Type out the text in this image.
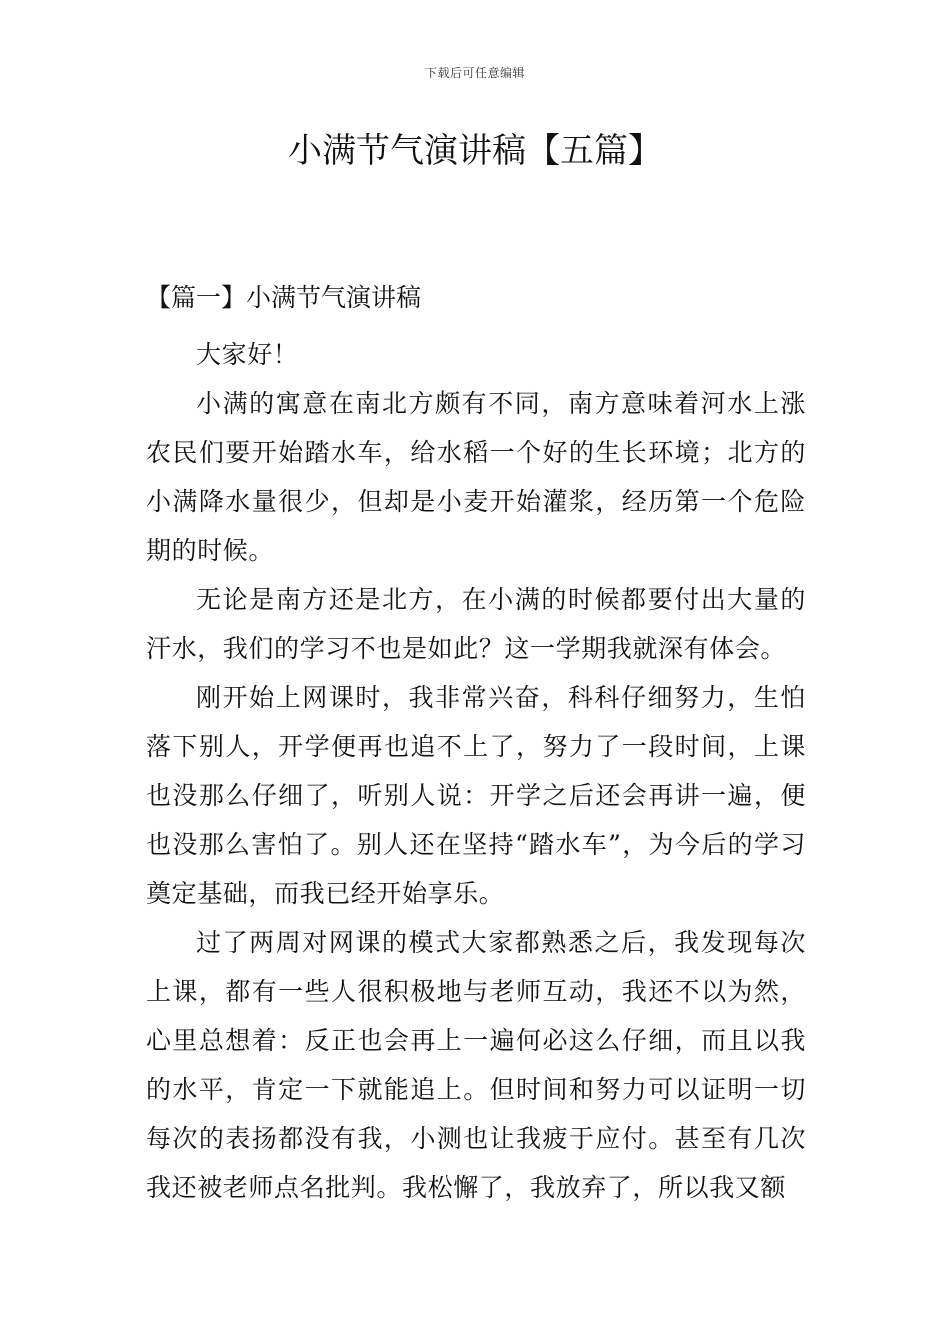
下载后可任意编辑
小满节气演讲稿【五篇】
【篇一】小满节气演讲稿

大家好！

小满的寓意在南北方颇有不同，南方意味着河水上涨农民们要开始踏水车，给水稻一个好的生长环境；北方的小满降水量很少，但却是小麦开始灌浆，经历第一个危险期的时候。

无论是南方还是北方，在小满的时候都要付出大量的汗水，我们的学习不也是如此？这一学期我就深有体会。

刚开始上网课时，我非常兴奋，科科仔细努力，生怕落下别人，开学便再也追不上了，努力了一段时间，上课也没那么仔细了，听别人说：开学之后还会再讲一遍，便也没那么害怕了。别人还在坚持“踏水车”，为今后的学习奠定基础，而我已经开始享乐。

过了两周对网课的模式大家都熟悉之后，我发现每次上课，都有一些人很积极地与老师互动，我还不以为然，心里总想着：反正也会再上一遍何必这么仔细，而且以我的水平，肯定一下就能追上。但时间和努力可以证明一切每次的表扬都没有我，小测也让我疲于应付。甚至有几次我还被老师点名批判。我松懈了，我放弃了，所以我又额
